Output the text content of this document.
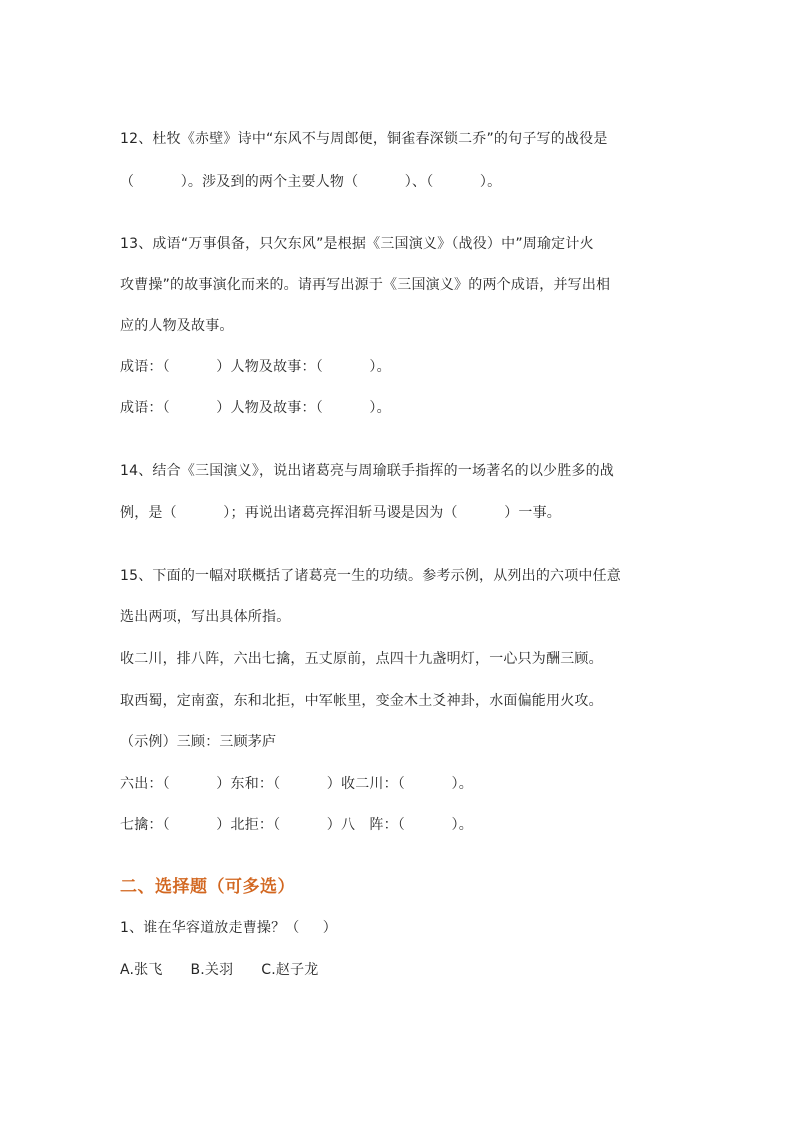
12、杜牧《赤壁》诗中“东风不与周郎便，铜雀春深锁二乔”的句子写的战役是
（          ）。涉及到的两个主要人物（          ）、（          ）。
13、成语“万事俱备，只欠东风”是根据《三国演义》（战役）中”周瑜定计火
攻曹操”的故事演化而来的。请再写出源于《三国演义》的两个成语，并写出相
应的人物及故事。
成语：（          ）人物及故事：（          ）。
成语：（          ）人物及故事：（          ）。
14、结合《三国演义》，说出诸葛亮与周瑜联手指挥的一场著名的以少胜多的战
例，是（          ）；再说出诸葛亮挥泪斩马谡是因为（          ）一事。
15、下面的一幅对联概括了诸葛亮一生的功绩。参考示例，从列出的六项中任意
选出两项，写出具体所指。
收二川，排八阵，六出七擒，五丈原前，点四十九盏明灯，一心只为酬三顾。
取西蜀，定南蛮，东和北拒，中军帐里，变金木土爻神卦，水面偏能用火攻。
（示例）三顾：三顾茅庐
六出：（          ）东和：（          ）收二川：（          ）。
七擒：（          ）北拒：（          ）八　阵：（          ）。
二、选择题（可多选）
1、谁在华容道放走曹操？（     ）
A.张飞      B.关羽      C.赵子龙
